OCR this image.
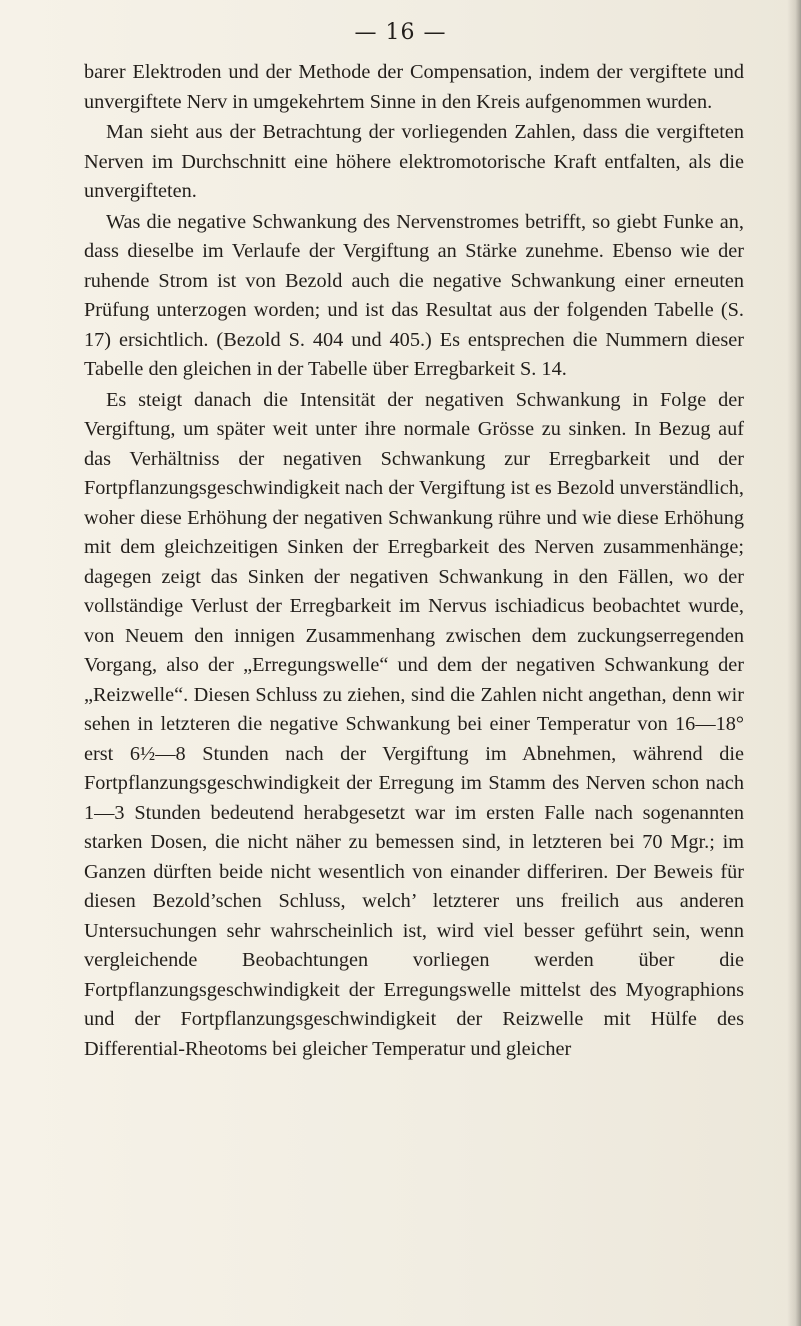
— 16 —

barer Elektroden und der Methode der Compensation, indem der vergiftete und unvergiftete Nerv in umgekehrtem Sinne in den Kreis aufgenommen wurden.

Man sieht aus der Betrachtung der vorliegenden Zahlen, dass die vergifteten Nerven im Durchschnitt eine höhere elektromotorische Kraft entfalten, als die unvergifteten.

Was die negative Schwankung des Nervenstromes betrifft, so giebt Funke an, dass dieselbe im Verlaufe der Vergiftung an Stärke zunehme. Ebenso wie der ruhende Strom ist von Bezold auch die negative Schwankung einer erneuten Prüfung unterzogen worden; und ist das Resultat aus der folgenden Tabelle (S. 17) ersichtlich. (Bezold S. 404 und 405.) Es entsprechen die Nummern dieser Tabelle den gleichen in der Tabelle über Erregbarkeit S. 14.

Es steigt danach die Intensität der negativen Schwankung in Folge der Vergiftung, um später weit unter ihre normale Grösse zu sinken. In Bezug auf das Verhältniss der negativen Schwankung zur Erregbarkeit und der Fortpflanzungsgeschwindigkeit nach der Vergiftung ist es Bezold unverständlich, woher diese Erhöhung der negativen Schwankung rühre und wie diese Erhöhung mit dem gleichzeitigen Sinken der Erregbarkeit des Nerven zusammenhänge; dagegen zeigt das Sinken der negativen Schwankung in den Fällen, wo der vollständige Verlust der Erregbarkeit im Nervus ischiadicus beobachtet wurde, von Neuem den innigen Zusammenhang zwischen dem zuckungserregenden Vorgang, also der „Erregungswelle“ und dem der negativen Schwankung der „Reizwelle“. Diesen Schluss zu ziehen, sind die Zahlen nicht angethan, denn wir sehen in letzteren die negative Schwankung bei einer Temperatur von 16—18° erst 6½—8 Stunden nach der Vergiftung im Abnehmen, während die Fortpflanzungsgeschwindigkeit der Erregung im Stamm des Nerven schon nach 1—3 Stunden bedeutend herabgesetzt war im ersten Falle nach sogenannten starken Dosen, die nicht näher zu bemessen sind, in letzteren bei 70 Mgr.; im Ganzen dürften beide nicht wesentlich von einander differiren. Der Beweis für diesen Bezold’schen Schluss, welch’ letzterer uns freilich aus anderen Untersuchungen sehr wahrscheinlich ist, wird viel besser geführt sein, wenn vergleichende Beobachtungen vorliegen werden über die Fortpflanzungsgeschwindigkeit der Erregungswelle mittelst des Myographions und der Fortpflanzungsgeschwindigkeit der Reizwelle mit Hülfe des Differential-Rheotoms bei gleicher Temperatur und gleicher
